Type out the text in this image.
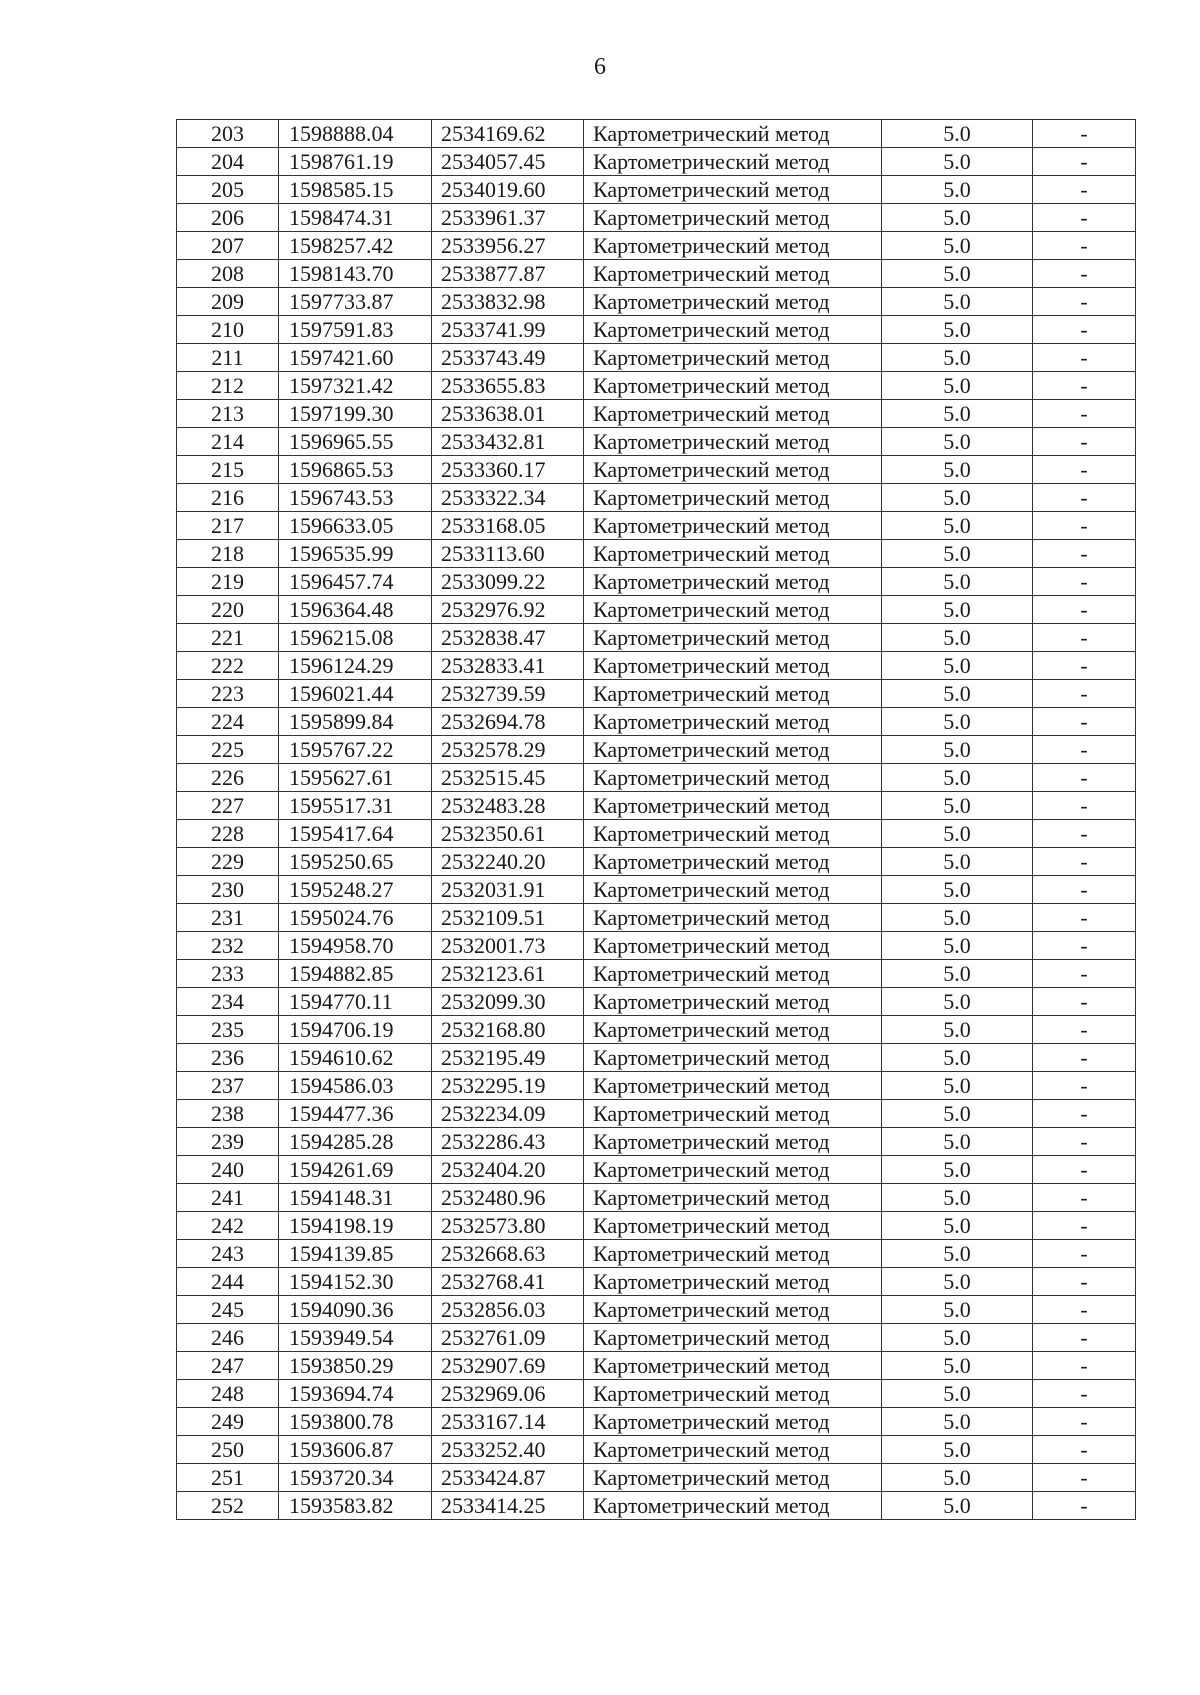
6
203	1598888.04	2534169.62	Картометрический метод	5.0	-
204	1598761.19	2534057.45	Картометрический метод	5.0	-
205	1598585.15	2534019.60	Картометрический метод	5.0	-
206	1598474.31	2533961.37	Картометрический метод	5.0	-
207	1598257.42	2533956.27	Картометрический метод	5.0	-
208	1598143.70	2533877.87	Картометрический метод	5.0	-
209	1597733.87	2533832.98	Картометрический метод	5.0	-
210	1597591.83	2533741.99	Картометрический метод	5.0	-
211	1597421.60	2533743.49	Картометрический метод	5.0	-
212	1597321.42	2533655.83	Картометрический метод	5.0	-
213	1597199.30	2533638.01	Картометрический метод	5.0	-
214	1596965.55	2533432.81	Картометрический метод	5.0	-
215	1596865.53	2533360.17	Картометрический метод	5.0	-
216	1596743.53	2533322.34	Картометрический метод	5.0	-
217	1596633.05	2533168.05	Картометрический метод	5.0	-
218	1596535.99	2533113.60	Картометрический метод	5.0	-
219	1596457.74	2533099.22	Картометрический метод	5.0	-
220	1596364.48	2532976.92	Картометрический метод	5.0	-
221	1596215.08	2532838.47	Картометрический метод	5.0	-
222	1596124.29	2532833.41	Картометрический метод	5.0	-
223	1596021.44	2532739.59	Картометрический метод	5.0	-
224	1595899.84	2532694.78	Картометрический метод	5.0	-
225	1595767.22	2532578.29	Картометрический метод	5.0	-
226	1595627.61	2532515.45	Картометрический метод	5.0	-
227	1595517.31	2532483.28	Картометрический метод	5.0	-
228	1595417.64	2532350.61	Картометрический метод	5.0	-
229	1595250.65	2532240.20	Картометрический метод	5.0	-
230	1595248.27	2532031.91	Картометрический метод	5.0	-
231	1595024.76	2532109.51	Картометрический метод	5.0	-
232	1594958.70	2532001.73	Картометрический метод	5.0	-
233	1594882.85	2532123.61	Картометрический метод	5.0	-
234	1594770.11	2532099.30	Картометрический метод	5.0	-
235	1594706.19	2532168.80	Картометрический метод	5.0	-
236	1594610.62	2532195.49	Картометрический метод	5.0	-
237	1594586.03	2532295.19	Картометрический метод	5.0	-
238	1594477.36	2532234.09	Картометрический метод	5.0	-
239	1594285.28	2532286.43	Картометрический метод	5.0	-
240	1594261.69	2532404.20	Картометрический метод	5.0	-
241	1594148.31	2532480.96	Картометрический метод	5.0	-
242	1594198.19	2532573.80	Картометрический метод	5.0	-
243	1594139.85	2532668.63	Картометрический метод	5.0	-
244	1594152.30	2532768.41	Картометрический метод	5.0	-
245	1594090.36	2532856.03	Картометрический метод	5.0	-
246	1593949.54	2532761.09	Картометрический метод	5.0	-
247	1593850.29	2532907.69	Картометрический метод	5.0	-
248	1593694.74	2532969.06	Картометрический метод	5.0	-
249	1593800.78	2533167.14	Картометрический метод	5.0	-
250	1593606.87	2533252.40	Картометрический метод	5.0	-
251	1593720.34	2533424.87	Картометрический метод	5.0	-
252	1593583.82	2533414.25	Картометрический метод	5.0	-
